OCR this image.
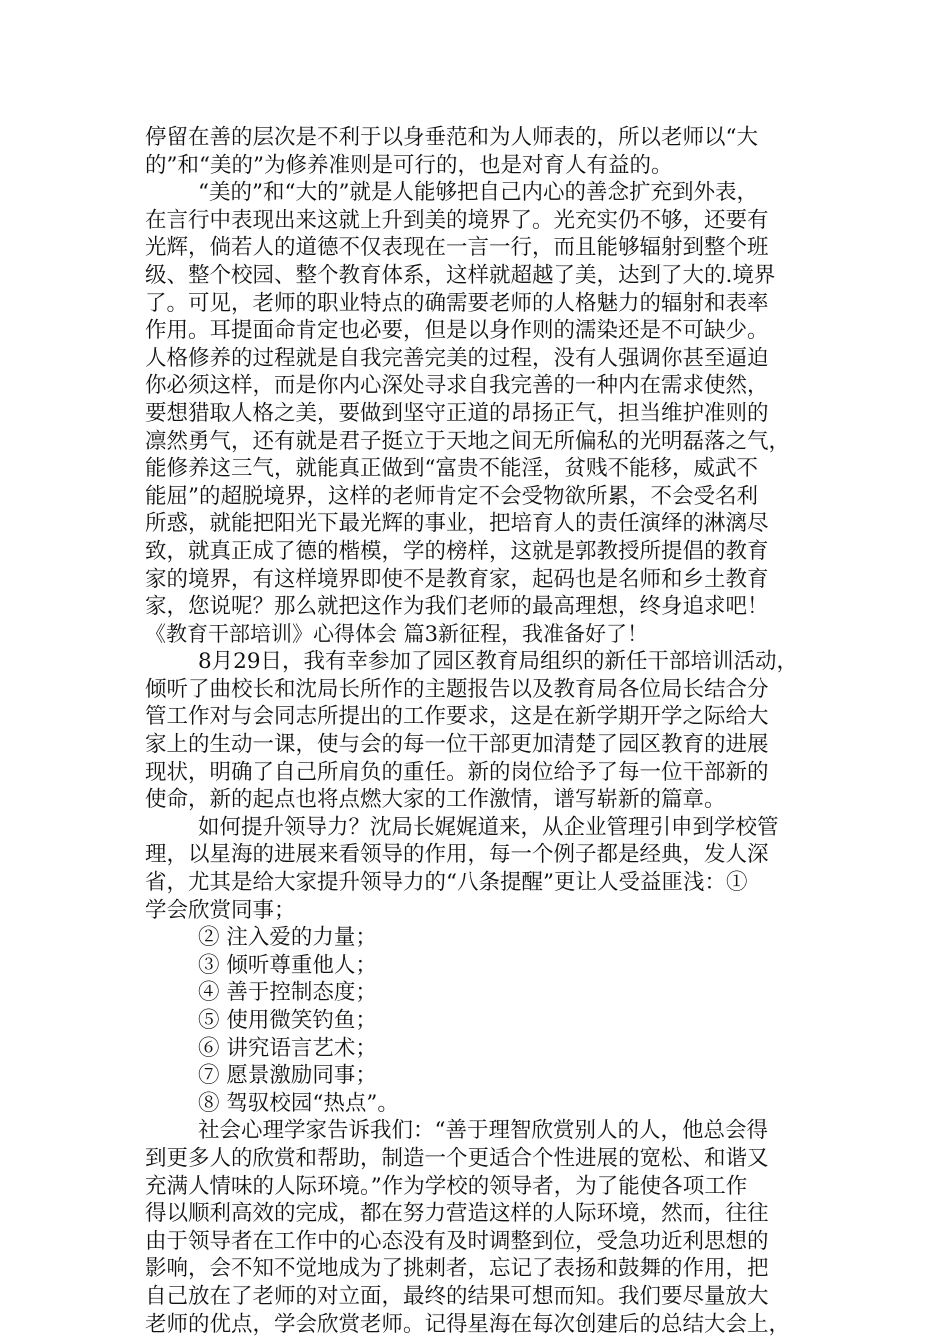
停留在善的层次是不利于以身垂范和为人师表的，所以老师以“大
的”和“美的”为修养准则是可行的，也是对育人有益的。
“美的”和“大的”就是人能够把自己内心的善念扩充到外表，
在言行中表现出来这就上升到美的境界了。光充实仍不够，还要有
光辉，倘若人的道德不仅表现在一言一行，而且能够辐射到整个班
级、整个校园、整个教育体系，这样就超越了美，达到了大的.境界
了。可见，老师的职业特点的确需要老师的人格魅力的辐射和表率
作用。耳提面命肯定也必要，但是以身作则的濡染还是不可缺少。
人格修养的过程就是自我完善完美的过程，没有人强调你甚至逼迫
你必须这样，而是你内心深处寻求自我完善的一种内在需求使然，
要想猎取人格之美，要做到坚守正道的昂扬正气，担当维护准则的
凛然勇气，还有就是君子挺立于天地之间无所偏私的光明磊落之气，
能修养这三气，就能真正做到“富贵不能淫，贫贱不能移，威武不
能屈”的超脱境界，这样的老师肯定不会受物欲所累，不会受名利
所惑，就能把阳光下最光辉的事业，把培育人的责任演绎的淋漓尽
致，就真正成了德的楷模，学的榜样，这就是郭教授所提倡的教育
家的境界，有这样境界即使不是教育家，起码也是名师和乡土教育
家，您说呢？那么就把这作为我们老师的最高理想，终身追求吧！
《教育干部培训》心得体会 篇3新征程，我准备好了！
8月29日，我有幸参加了园区教育局组织的新任干部培训活动，
倾听了曲校长和沈局长所作的主题报告以及教育局各位局长结合分
管工作对与会同志所提出的工作要求，这是在新学期开学之际给大
家上的生动一课，使与会的每一位干部更加清楚了园区教育的进展
现状，明确了自己所肩负的重任。新的岗位给予了每一位干部新的
使命，新的起点也将点燃大家的工作激情，谱写崭新的篇章。
如何提升领导力？沈局长娓娓道来，从企业管理引申到学校管
理，以星海的进展来看领导的作用，每一个例子都是经典，发人深
省，尤其是给大家提升领导力的“八条提醒”更让人受益匪浅：①
学会欣赏同事；
② 注入爱的力量；
③ 倾听尊重他人；
④ 善于控制态度；
⑤ 使用微笑钓鱼；
⑥ 讲究语言艺术；
⑦ 愿景激励同事；
⑧ 驾驭校园“热点”。
社会心理学家告诉我们：“善于理智欣赏别人的人，他总会得
到更多人的欣赏和帮助，制造一个更适合个性进展的宽松、和谐又
充满人情味的人际环境。”作为学校的领导者，为了能使各项工作
得以顺利高效的完成，都在努力营造这样的人际环境，然而，往往
由于领导者在工作中的心态没有及时调整到位，受急功近利思想的
影响，会不知不觉地成为了挑刺者，忘记了表扬和鼓舞的作用，把
自己放在了老师的对立面，最终的结果可想而知。我们要尽量放大
老师的优点，学会欣赏老师。记得星海在每次创建后的总结大会上，
